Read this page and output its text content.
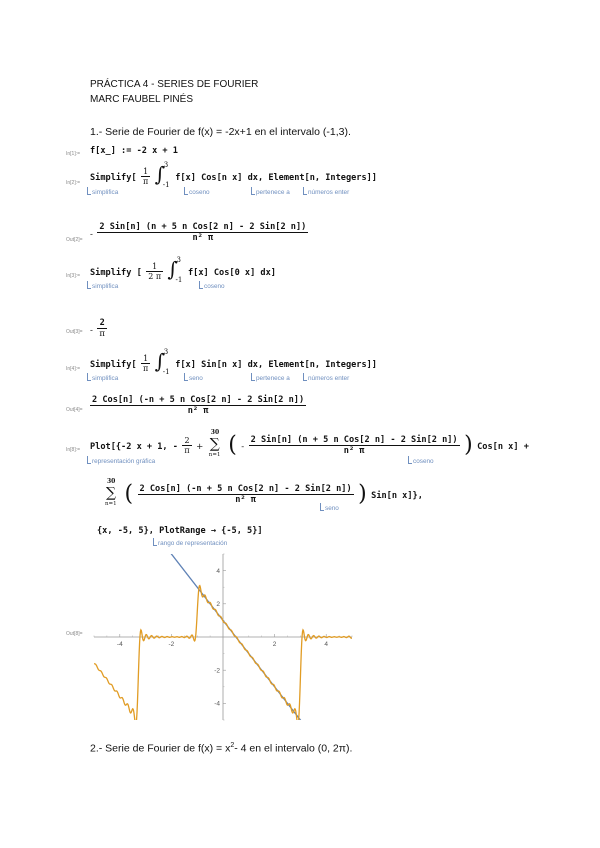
PRÁCTICA 4 - SERIES DE FOURIER
MARC FAUBEL PINÉS
1.- Serie de Fourier de f(x) = -2x+1 en el intervalo (-1,3).
In[1]:= f[x_] := -2 x + 1
In[2]:= Simplify[ $\frac{1}{\pi}$
∫
3
-1
f[x] Cos[n x] dx, Element[n, Integers]]
simplifica	coseno	pertenece a	números enter
Out[2]=
- $\frac{\text{2 Sin[n] (n + 5 n Cos[2 n] - 2 Sin[2 n])}}{\text{n² π}}$
In[3]:= Simplify [ $\frac{1}{2 \pi}$
∫
3
-1
f[x] Cos[0 x] dx]
simplifica	coseno
$Out[3]= - \frac{2}{\pi}$
In[4]:= Simplify[ $\frac{1}{\pi}$
∫
3
-1
f[x] Sin[n x] dx, Element[n, Integers]]
simplifica	seno	pertenece a	números enter
$Out[4]= \frac{\text{2 Cos[n] (-n + 5 n Cos[2 n] - 2 Sin[2 n])}}{\text{n² π}}$
In[8]:= Plot[{-2 x + 1, - $\frac{2}{\pi}$ + ∑
30
n=1 ( - $\frac{\text{2 Sin[n] (n + 5 n Cos[2 n] - 2 Sin[2 n])}}{\text{n² π}}$ ) Cos[n x] +
representación gráfica	coseno
∑
30
n=1 ( $\frac{\text{2 Cos[n] (-n + 5 n Cos[2 n] - 2 Sin[2 n])}}{\text{n² π}}$ ) Sin[n x]},
seno
{x, -5, 5}, PlotRange → {-5, 5}]
rango de representación
Out[8]=
-4	-2	2	4
-4
-2
2
4
2.- Serie de Fourier de $f(x) = x^2-$ 4 en el intervalo (0, 2π).
